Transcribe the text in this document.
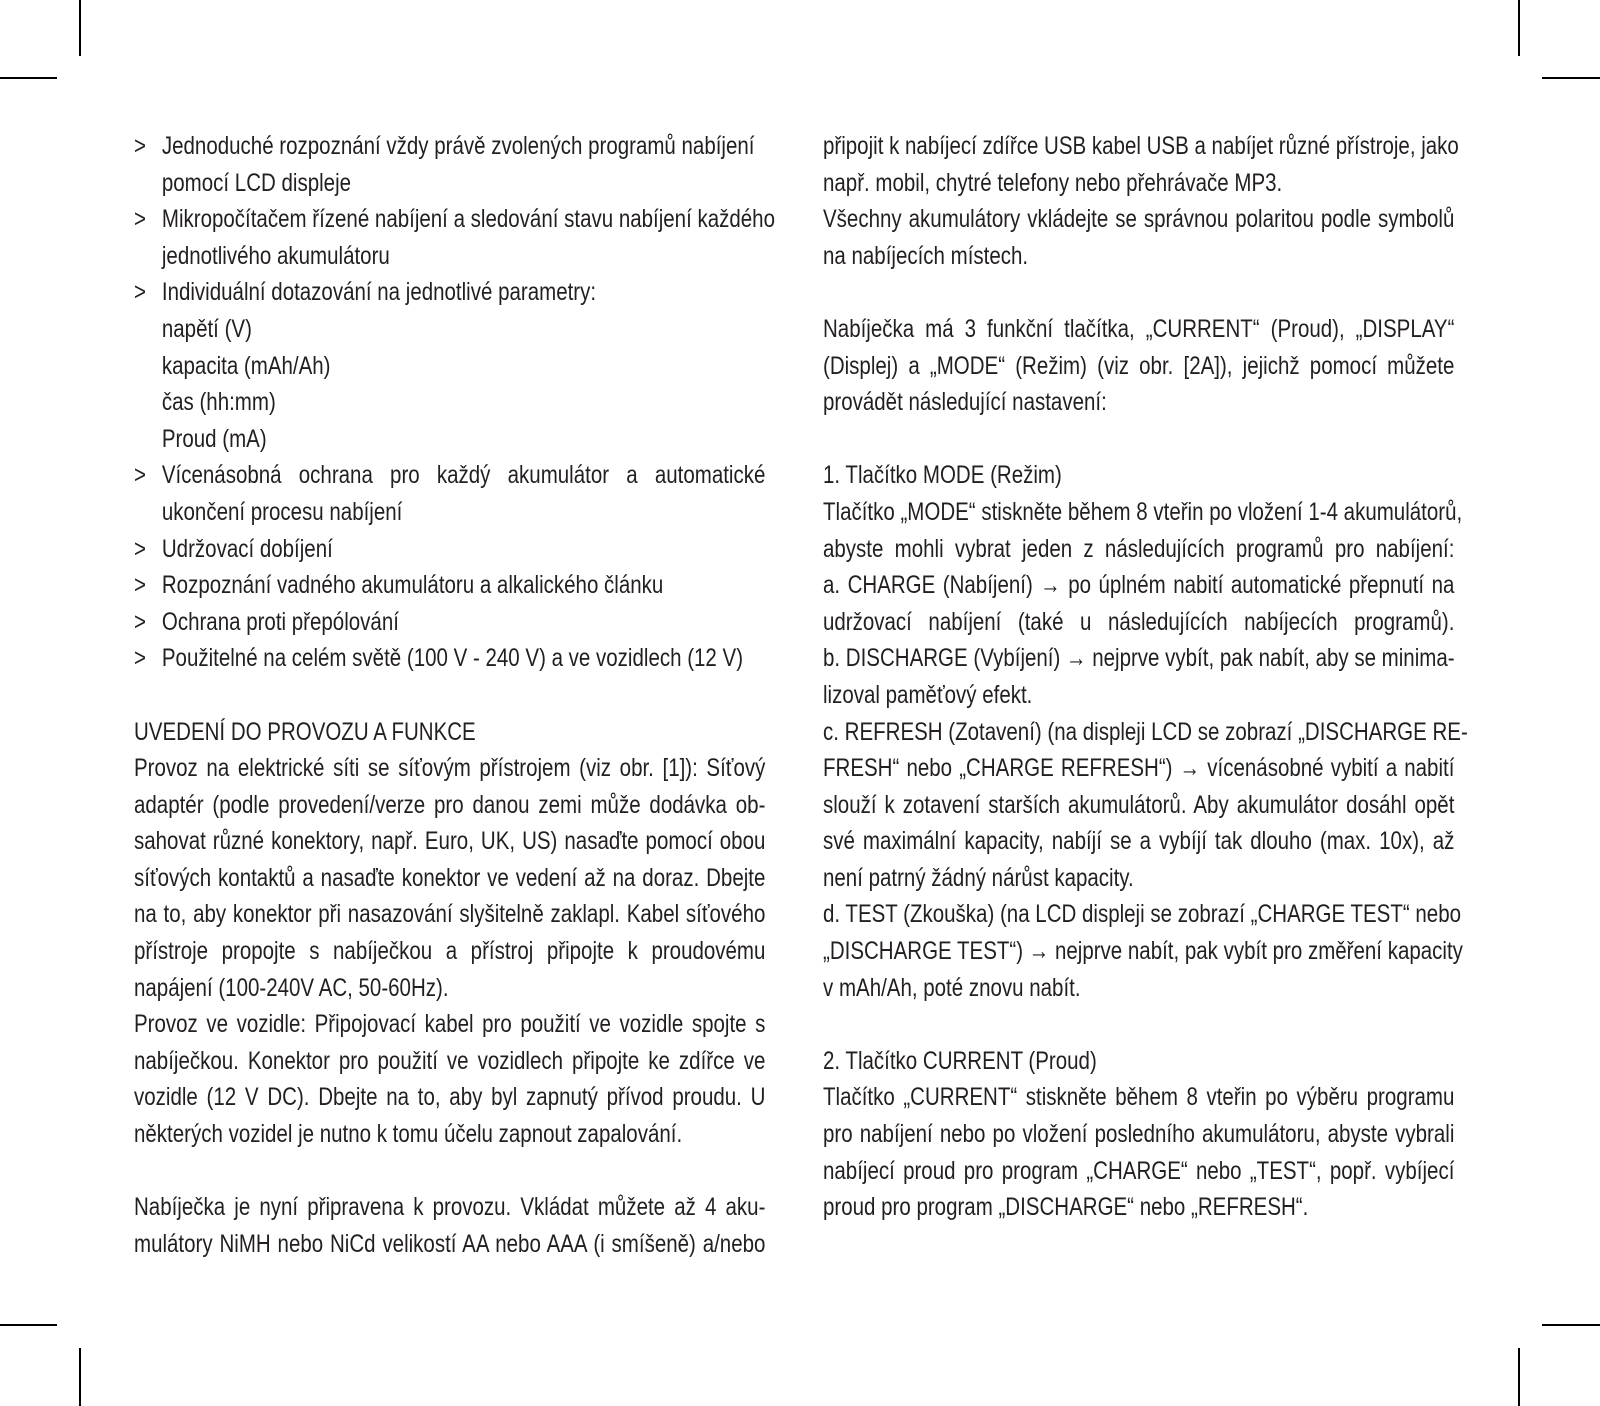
> Jednoduché rozpoznání vždy právě zvolených programů nabíjení
pomocí LCD displeje
> Mikropočítačem řízené nabíjení a sledování stavu nabíjení každého
jednotlivého akumulátoru
> Individuální dotazování na jednotlivé parametry:
napětí (V)
kapacita (mAh/Ah)
čas (hh:mm)
Proud (mA)
> Vícenásobná ochrana pro každý akumulátor a automatické
ukončení procesu nabíjení
> Udržovací dobíjení
> Rozpoznání vadného akumulátoru a alkalického článku
> Ochrana proti přepólování
> Použitelné na celém světě (100 V - 240 V) a ve vozidlech (12 V)
UVEDENÍ DO PROVOZU A FUNKCE
Provoz na elektrické síti se síťovým přístrojem (viz obr. [1]): Síťový
adaptér (podle provedení/verze pro danou zemi může dodávka ob-
sahovat různé konektory, např. Euro, UK, US) nasaďte pomocí obou
síťových kontaktů a nasaďte konektor ve vedení až na doraz. Dbejte
na to, aby konektor při nasazování slyšitelně zaklapl. Kabel síťového
přístroje propojte s nabíječkou a přístroj připojte k proudovému
napájení (100-240V AC, 50-60Hz).
Provoz ve vozidle: Připojovací kabel pro použití ve vozidle spojte s
nabíječkou. Konektor pro použití ve vozidlech připojte ke zdířce ve
vozidle (12 V DC). Dbejte na to, aby byl zapnutý přívod proudu. U
některých vozidel je nutno k tomu účelu zapnout zapalování.
Nabíječka je nyní připravena k provozu. Vkládat můžete až 4 aku-
mulátory NiMH nebo NiCd velikostí AA nebo AAA (i smíšeně) a/nebo
připojit k nabíjecí zdířce USB kabel USB a nabíjet různé přístroje, jako
např. mobil, chytré telefony nebo přehrávače MP3.
Všechny akumulátory vkládejte se správnou polaritou podle symbolů
na nabíjecích místech.
Nabíječka má 3 funkční tlačítka, „CURRENT“ (Proud), „DISPLAY“
(Displej) a „MODE“ (Režim) (viz obr. [2A]), jejichž pomocí můžete
provádět následující nastavení:
1. Tlačítko MODE (Režim)
Tlačítko „MODE“ stiskněte během 8 vteřin po vložení 1-4 akumulátorů,
abyste mohli vybrat jeden z následujících programů pro nabíjení:
a. CHARGE (Nabíjení) → po úplném nabití automatické přepnutí na
udržovací nabíjení (také u následujících nabíjecích programů).
b. DISCHARGE (Vybíjení) → nejprve vybít, pak nabít, aby se minima-
lizoval paměťový efekt.
c. REFRESH (Zotavení) (na displeji LCD se zobrazí „DISCHARGE RE-
FRESH“ nebo „CHARGE REFRESH“) → vícenásobné vybití a nabití
slouží k zotavení starších akumulátorů. Aby akumulátor dosáhl opět
své maximální kapacity, nabíjí se a vybíjí tak dlouho (max. 10x), až
není patrný žádný nárůst kapacity.
d. TEST (Zkouška) (na LCD displeji se zobrazí „CHARGE TEST“ nebo
„DISCHARGE TEST“) → nejprve nabít, pak vybít pro změření kapacity
v mAh/Ah, poté znovu nabít.
2. Tlačítko CURRENT (Proud)
Tlačítko „CURRENT“ stiskněte během 8 vteřin po výběru programu
pro nabíjení nebo po vložení posledního akumulátoru, abyste vybrali
nabíjecí proud pro program „CHARGE“ nebo „TEST“, popř. vybíjecí
proud pro program „DISCHARGE“ nebo „REFRESH“.
